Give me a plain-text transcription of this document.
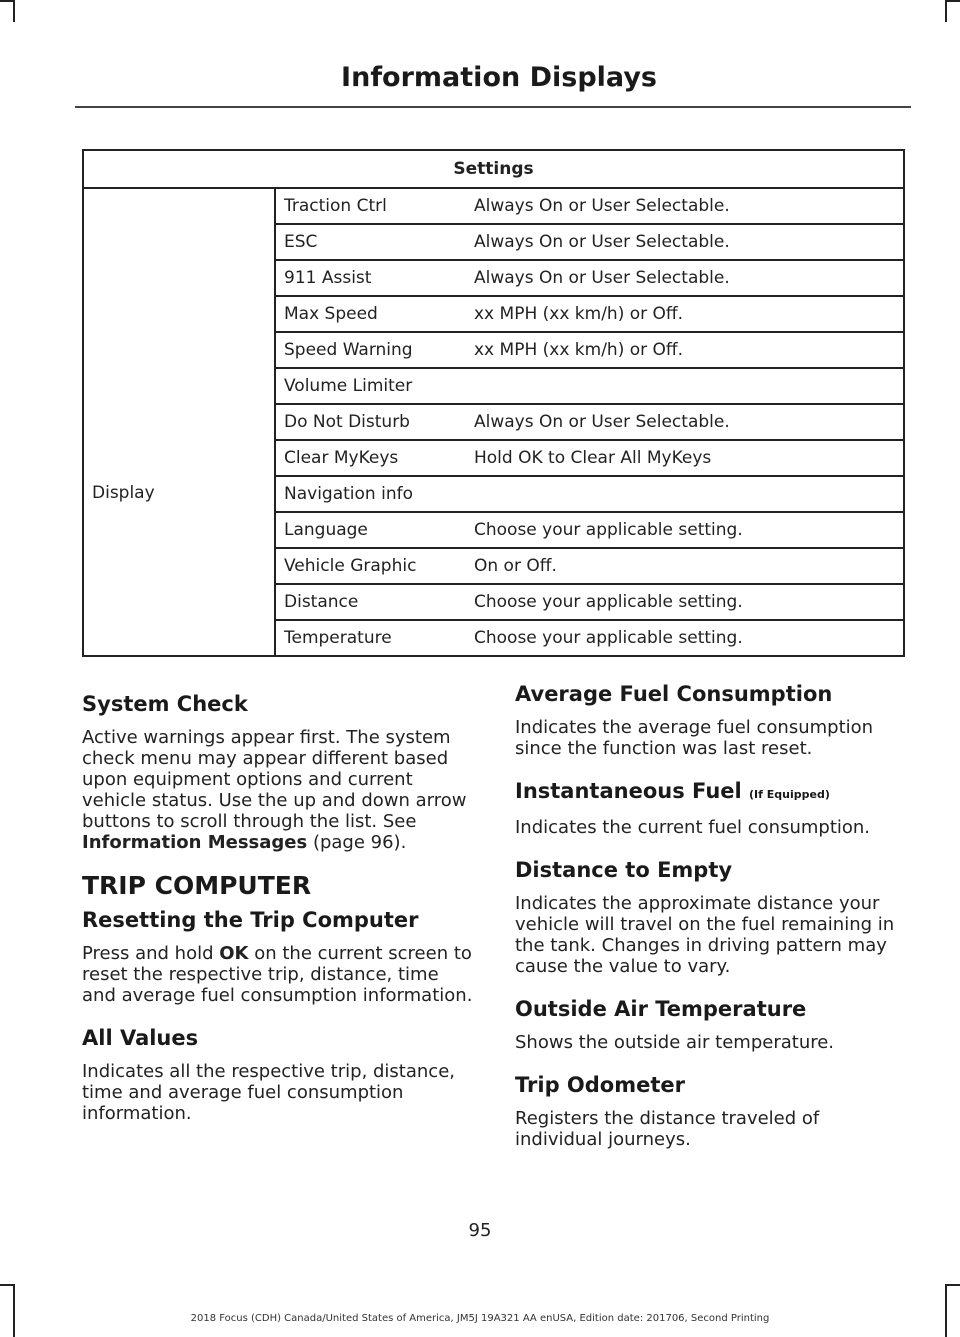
Information Displays
Settings		
	Traction Ctrl	Always On or User Selectable.
	ESC	Always On or User Selectable.
	911 Assist	Always On or User Selectable.
	Max Speed	xx MPH (xx km/h) or Off.
	Speed Warning	xx MPH (xx km/h) or Off.
	Volume Limiter	
	Do Not Disturb	Always On or User Selectable.
	Clear MyKeys	Hold OK to Clear All MyKeys
Display	Navigation info	
	Language	Choose your applicable setting.
	Vehicle Graphic	On or Off.
	Distance	Choose your applicable setting.
	Temperature	Choose your applicable setting.
System Check

Active warnings appear first. The system check menu may appear different based upon equipment options and current vehicle status. Use the up and down arrow buttons to scroll through the list. See Information Messages (page 96).

TRIP COMPUTER
Resetting the Trip Computer

Press and hold OK on the current screen to reset the respective trip, distance, time and average fuel consumption information.

All Values

Indicates all the respective trip, distance, time and average fuel consumption information.

Average Fuel Consumption

Indicates the average fuel consumption since the function was last reset.

Instantaneous Fuel (If Equipped)

Indicates the current fuel consumption.

Distance to Empty

Indicates the approximate distance your vehicle will travel on the fuel remaining in the tank. Changes in driving pattern may cause the value to vary.

Outside Air Temperature

Shows the outside air temperature.

Trip Odometer

Registers the distance traveled of individual journeys.

95
2018 Focus (CDH) Canada/United States of America, JM5J 19A321 AA enUSA, Edition date: 201706, Second Printing
